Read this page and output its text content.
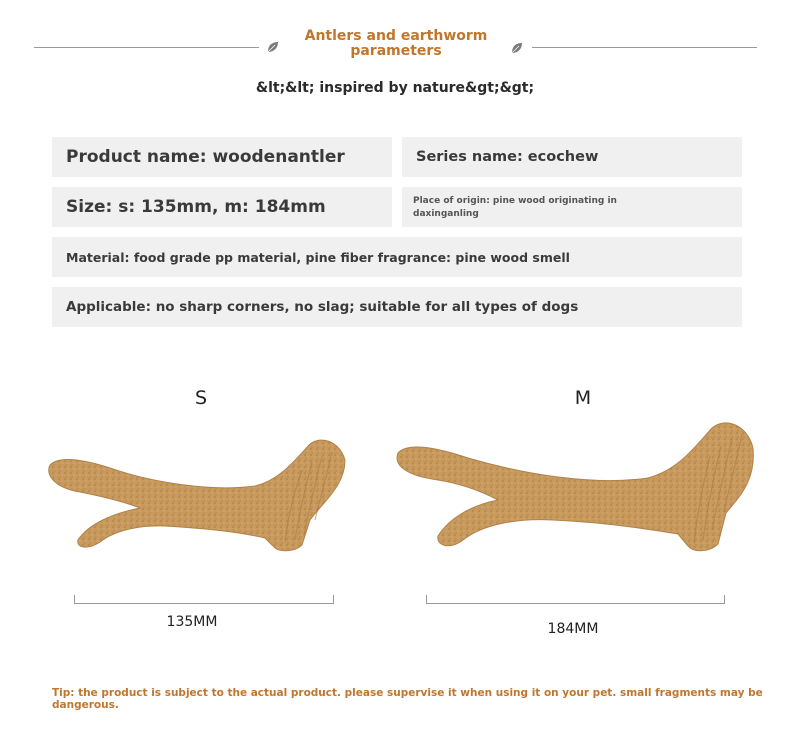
Antlers and earthworm
parameters
&lt;&lt; inspired by nature&gt;&gt;
Product name: woodenantler	Series name: ecochew
Size: s: 135mm, m: 184mm	Place of origin: pine wood originating in
daxinganling
Material: food grade pp material, pine fiber fragrance: pine wood smell
Applicable: no sharp corners, no slag; suitable for all types of dogs
S	M
135MM	184MM
Tip: the product is subject to the actual product. please supervise it when using it on your pet. small fragments may be dangerous.
